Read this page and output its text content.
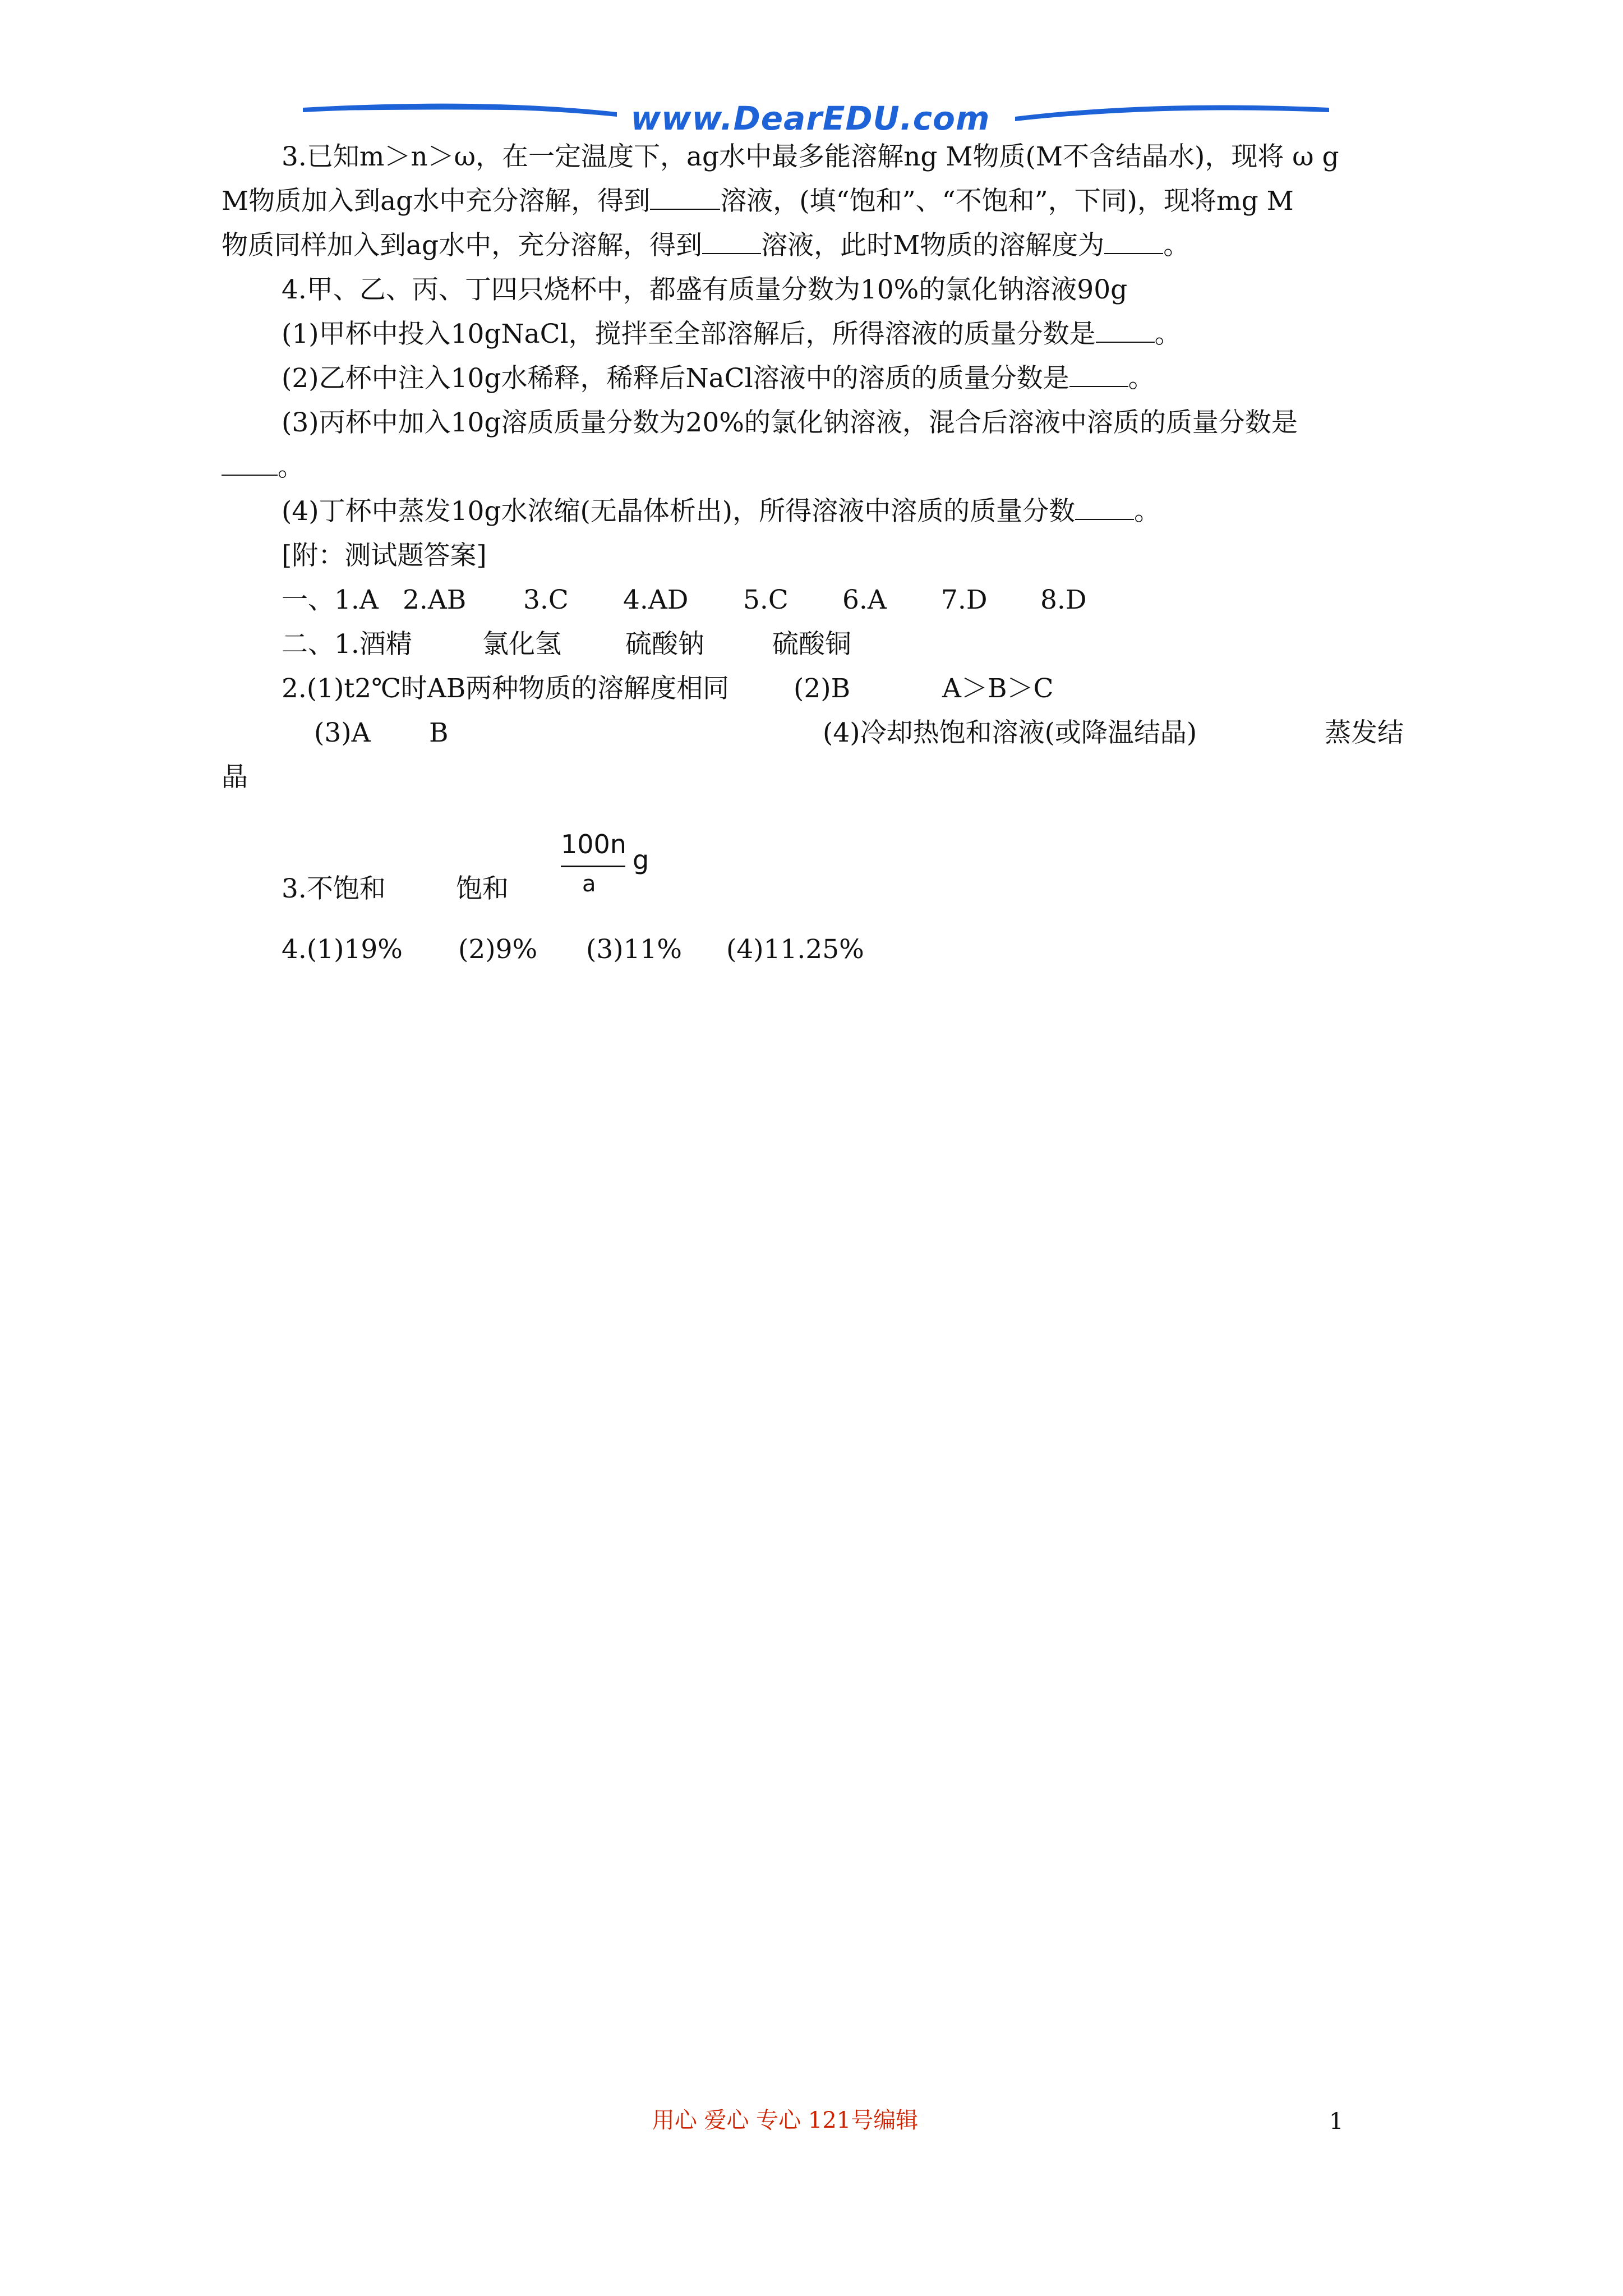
www.DearEDU.com

3.已知m＞n＞ω，在一定温度下，ag水中最多能溶解ng M物质(M不含结晶水)，现将 ω g

M物质加入到ag水中充分溶解，得到	溶液，(填“饱和”、“不饱和”，下同)，现将mg M

物质同样加入到ag水中，充分溶解，得到 溶液，此时M物质的溶解度为 。

4.甲、乙、丙、丁四只烧杯中，都盛有质量分数为10%的氯化钠溶液90g

(1)甲杯中投入10gNaCl，搅拌至全部溶解后，所得溶液的质量分数是 。

(2)乙杯中注入10g水稀释，稀释后NaCl溶液中的溶质的质量分数是 。

(3)丙杯中加入10g溶质质量分数为20%的氯化钠溶液，混合后溶液中溶质的质量分数是

。

(4)丁杯中蒸发10g水浓缩(无晶体析出)，所得溶液中溶质的质量分数 。

[附：测试题答案]

一、1.A 2.AB 3.C 4.AD 5.C 6.A 7.D 8.D
二、1.酒精	氯化氢 硫酸钠	硫酸铜
2.(1)t2℃时AB两种物质的溶解度相同 (2)B	A＞B＞C
(3)A B	(4)冷却热饱和溶液(或降温结晶)	蒸发结
晶
3.不饱和	饱和
100n
a
g
4.(1)19% (2)9% (3)11% (4)11.25%
用心 爱心 专心 121号编辑	1
